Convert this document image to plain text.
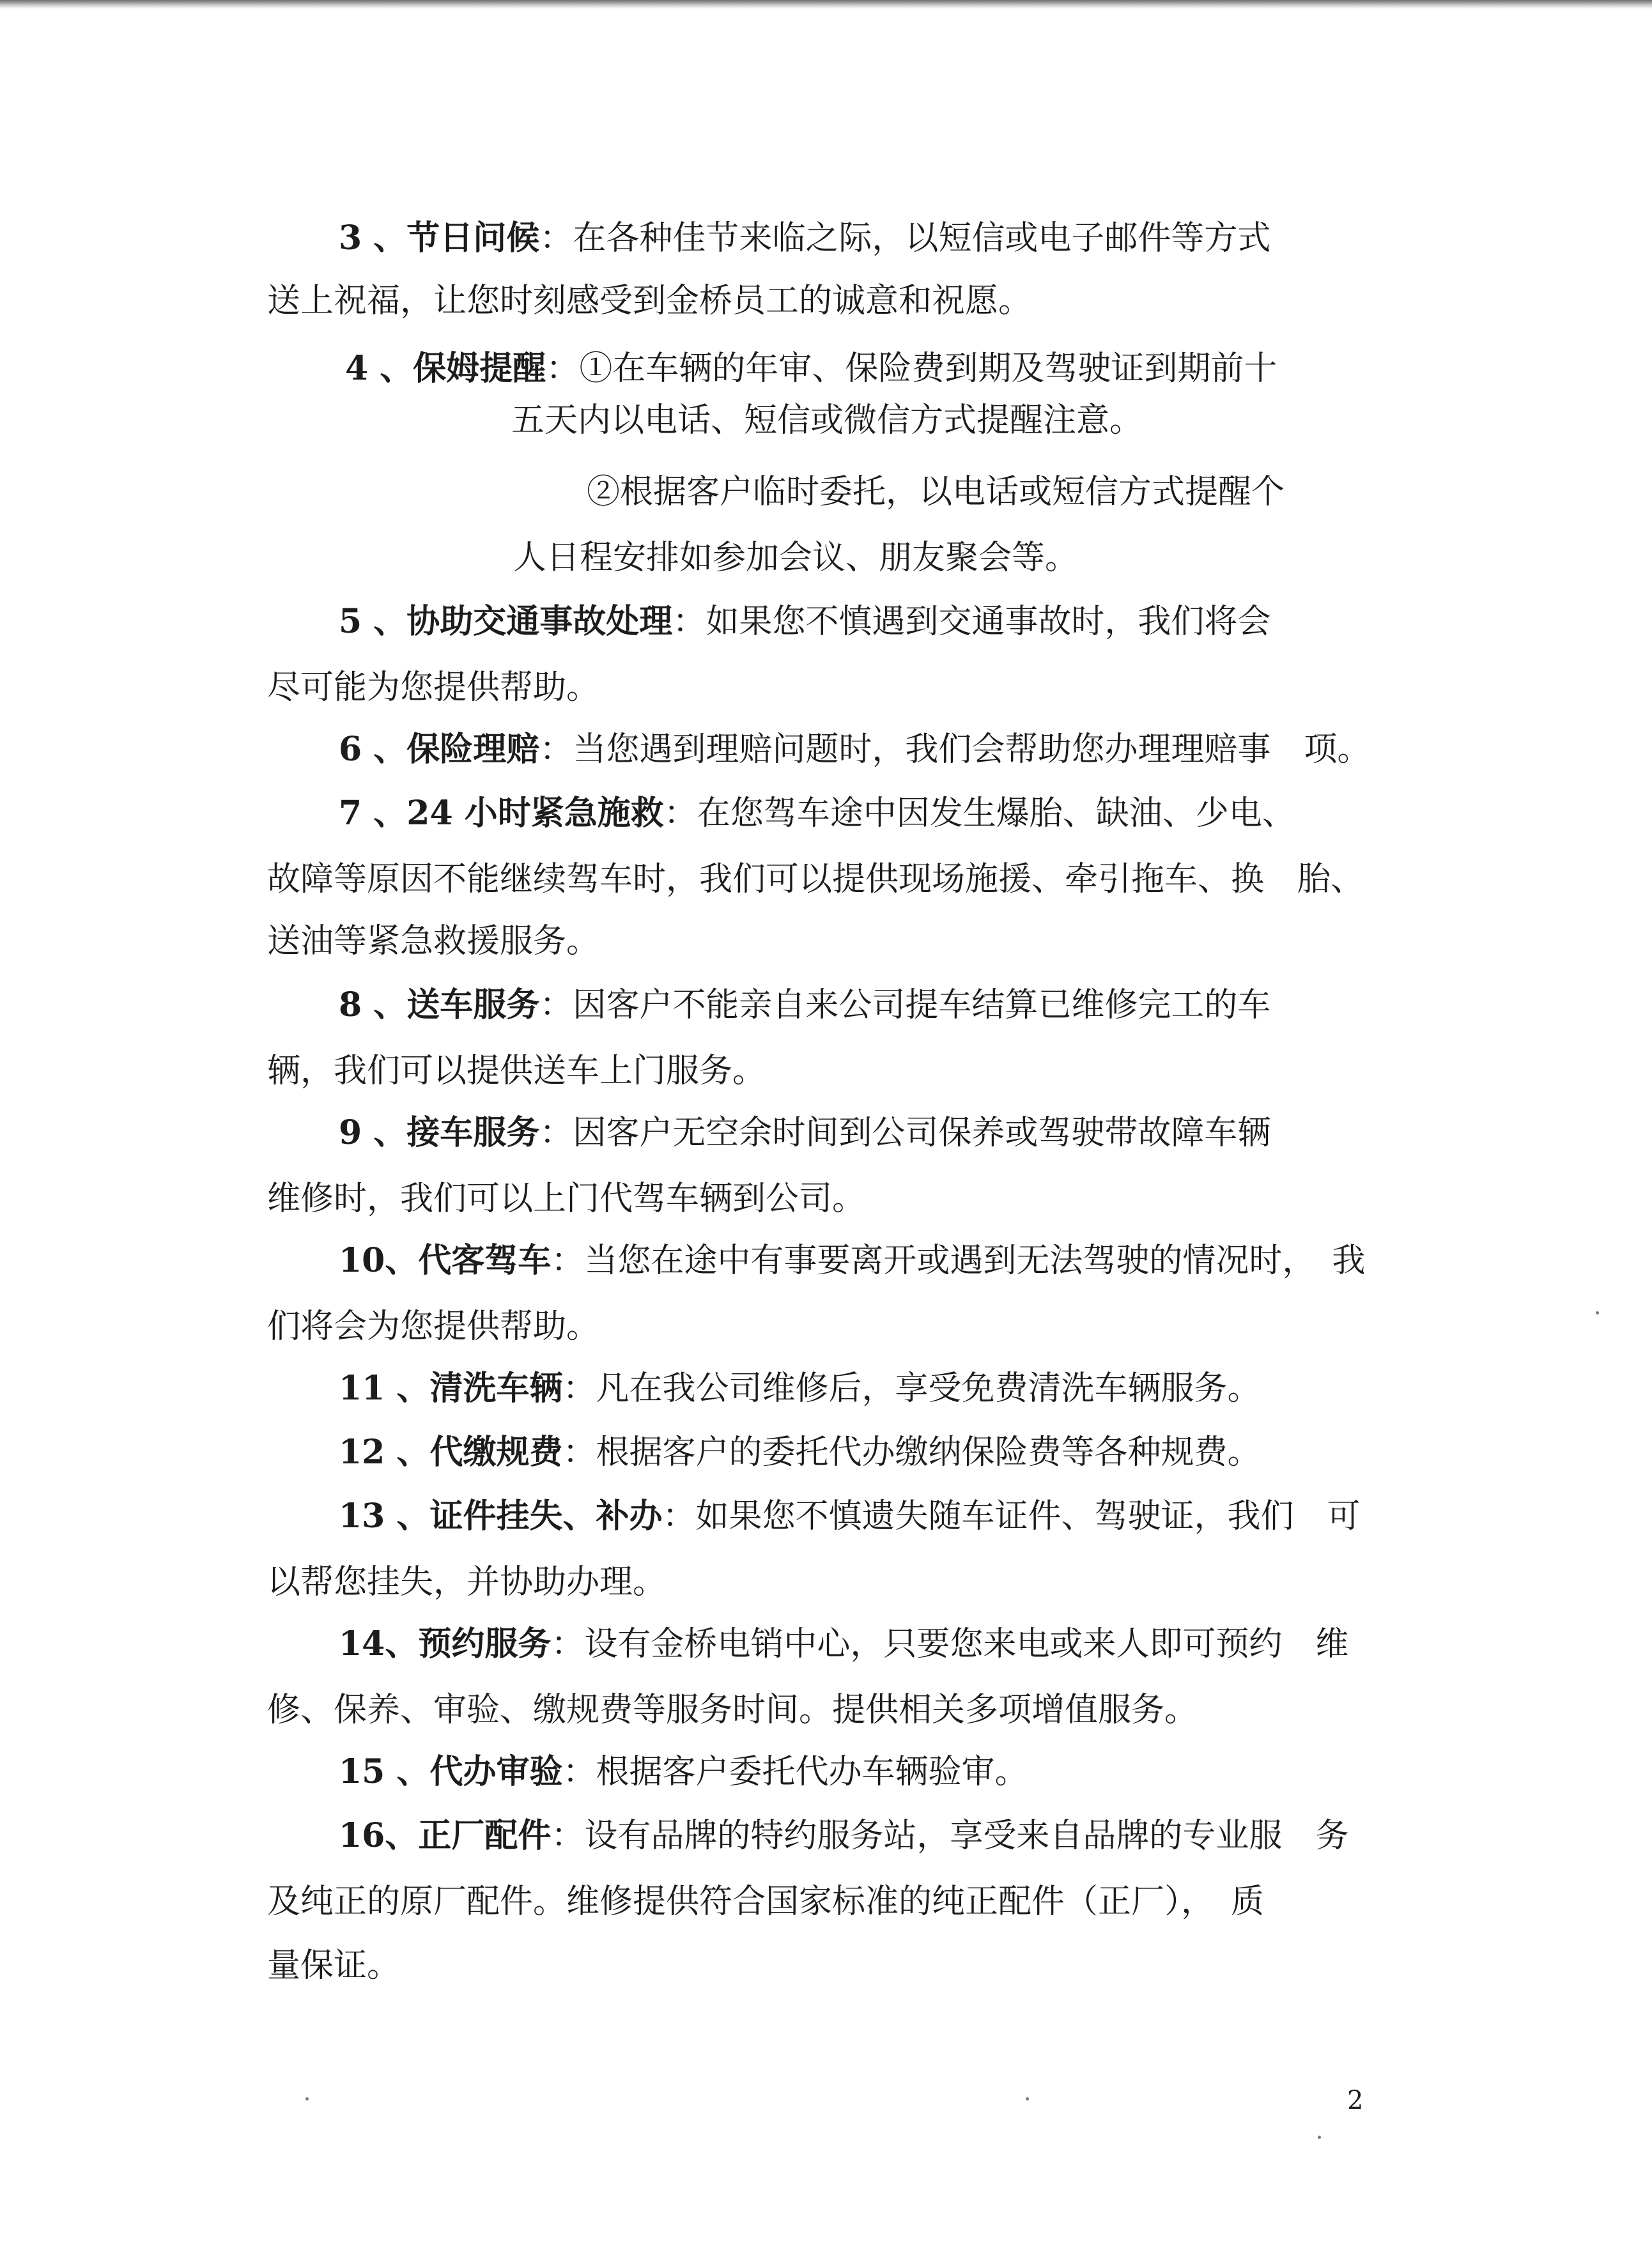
3 、节日问候：在各种佳节来临之际，以短信或电子邮件等方式
送上祝福，让您时刻感受到金桥员工的诚意和祝愿。
4 、保姆提醒：①在车辆的年审、保险费到期及驾驶证到期前十
五天内以电话、短信或微信方式提醒注意。
②根据客户临时委托，以电话或短信方式提醒个
人日程安排如参加会议、朋友聚会等。
5 、协助交通事故处理：如果您不慎遇到交通事故时，我们将会
尽可能为您提供帮助。
6 、保险理赔：当您遇到理赔问题时，我们会帮助您办理理赔事　项。
7 、24 小时紧急施救：在您驾车途中因发生爆胎、缺油、少电、
故障等原因不能继续驾车时，我们可以提供现场施援、牵引拖车、换　胎、
送油等紧急救援服务。
8 、送车服务：因客户不能亲自来公司提车结算已维修完工的车
辆，我们可以提供送车上门服务。
9 、接车服务：因客户无空余时间到公司保养或驾驶带故障车辆
维修时，我们可以上门代驾车辆到公司。
10、代客驾车：当您在途中有事要离开或遇到无法驾驶的情况时，　我
们将会为您提供帮助。
11 、清洗车辆：凡在我公司维修后，享受免费清洗车辆服务。
12 、代缴规费：根据客户的委托代办缴纳保险费等各种规费。
13 、证件挂失、补办：如果您不慎遗失随车证件、驾驶证，我们　可
以帮您挂失，并协助办理。
14、预约服务：设有金桥电销中心，只要您来电或来人即可预约　维
修、保养、审验、缴规费等服务时间。提供相关多项增值服务。
15 、代办审验：根据客户委托代办车辆验审。
16、正厂配件：设有品牌的特约服务站，享受来自品牌的专业服　务
及纯正的原厂配件。维修提供符合国家标准的纯正配件（正厂），　质
量保证。
2
